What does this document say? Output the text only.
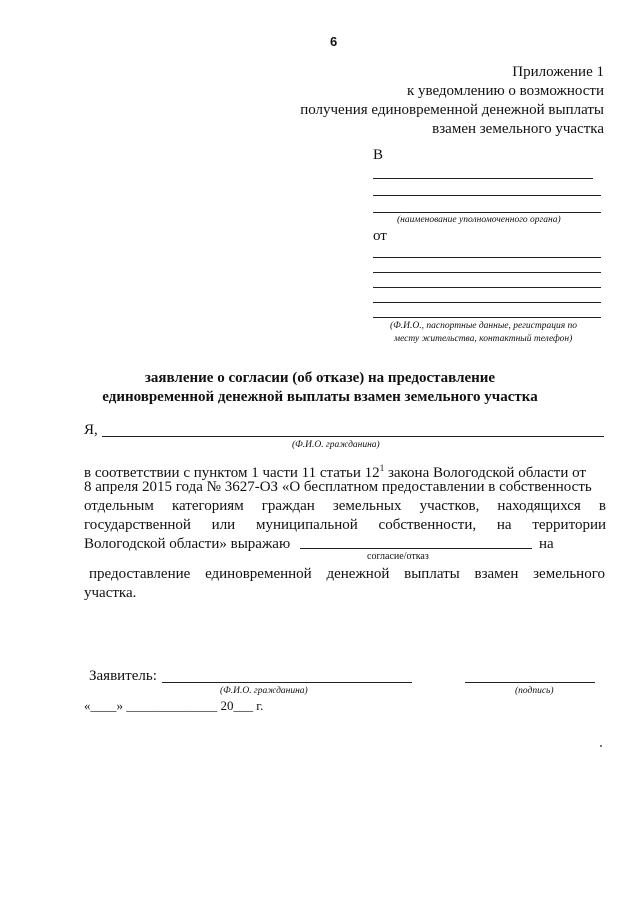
6
Приложение 1
к уведомлению о возможности
получения единовременной денежной выплаты
взамен земельного участка
В
(наименование уполномоченного органа)
от
(Ф.И.О., паспортные данные, регистрация по
месту жительства, контактный телефон)
заявление о согласии (об отказе) на предоставление
единовременной денежной выплаты взамен земельного участка
Я,
(Ф.И.О. гражданина)
в соответствии с пунктом 1 части 11 статьи $12^1$ закона Вологодской области от
8 апреля 2015 года № 3627-ОЗ «О бесплатном предоставлении в собственность
отдельным категориям граждан земельных участков, находящихся в
государственной или муниципальной собственности, на территории
Вологодской области» выражаю	на
согласие/отказ
предоставление единовременной денежной выплаты взамен земельного
участка.
Заявитель:
(Ф.И.О. гражданина)	(подпись)
«____» ______________ 20___ г.
